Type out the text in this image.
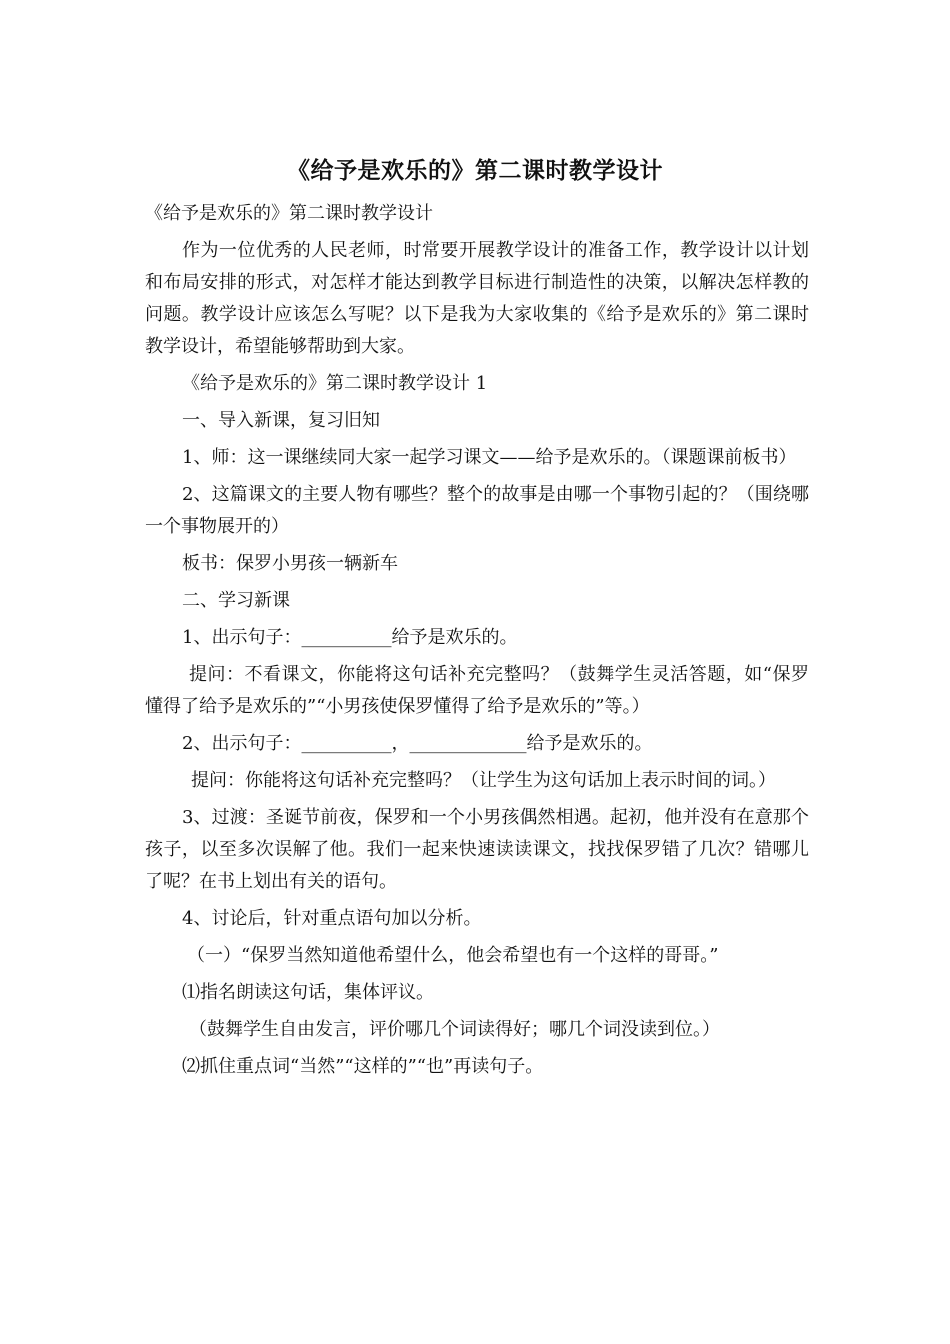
《给予是欢乐的》第二课时教学设计

《给予是欢乐的》第二课时教学设计

作为一位优秀的人民老师，时常要开展教学设计的准备工作，教学设计以计划和布局安排的形式，对怎样才能达到教学目标进行制造性的决策，以解决怎样教的问题。教学设计应该怎么写呢？以下是我为大家收集的《给予是欢乐的》第二课时教学设计，希望能够帮助到大家。

《给予是欢乐的》第二课时教学设计 1

一、导入新课，复习旧知

1、师：这一课继续同大家一起学习课文——给予是欢乐的。（课题课前板书）

2、这篇课文的主要人物有哪些？整个的故事是由哪一个事物引起的？（围绕哪一个事物展开的）

板书：保罗小男孩一辆新车

二、学习新课

1、出示句子：__________给予是欢乐的。

提问：不看课文，你能将这句话补充完整吗？（鼓舞学生灵活答题，如“保罗懂得了给予是欢乐的”“小男孩使保罗懂得了给予是欢乐的”等。）

2、出示句子：__________，_____________给予是欢乐的。

提问：你能将这句话补充完整吗？（让学生为这句话加上表示时间的词。）

3、过渡：圣诞节前夜，保罗和一个小男孩偶然相遇。起初，他并没有在意那个孩子，以至多次误解了他。我们一起来快速读读课文，找找保罗错了几次？错哪儿了呢？在书上划出有关的语句。

4、讨论后，针对重点语句加以分析。

（一）“保罗当然知道他希望什么，他会希望也有一个这样的哥哥。”

⑴指名朗读这句话，集体评议。

（鼓舞学生自由发言，评价哪几个词读得好；哪几个词没读到位。）

⑵抓住重点词“当然”“这样的”“也”再读句子。
